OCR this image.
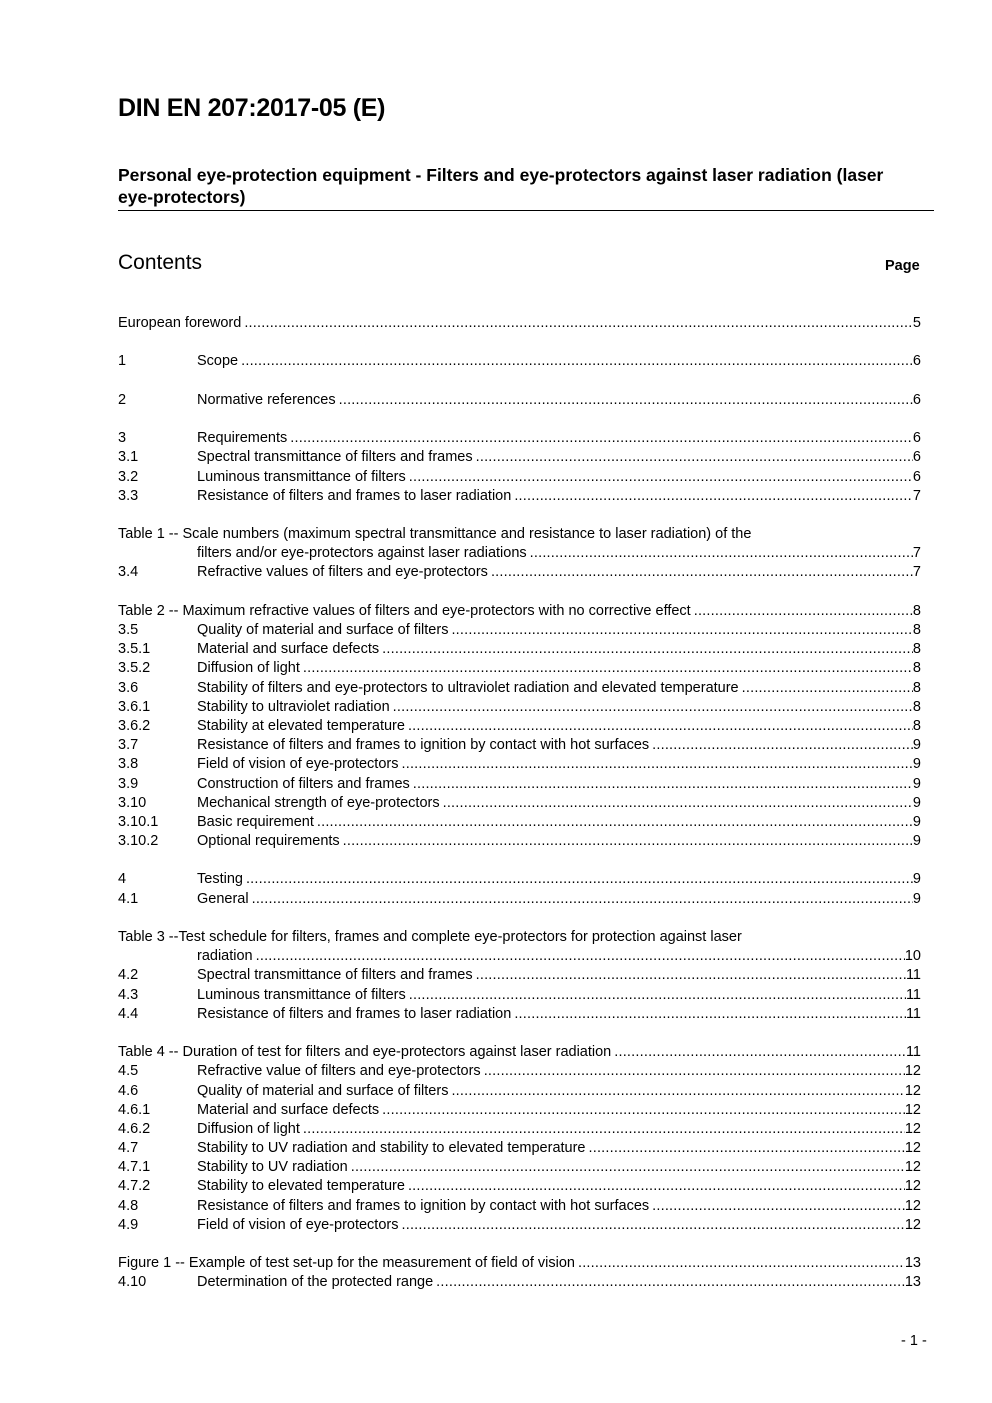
DIN EN 207:2017-05 (E)
Personal eye-protection equipment - Filters and eye-protectors against laser radiation (laser eye-protectors)
Contents	Page
European foreword .....	5
1	Scope .....	6
2	Normative references .....	6
3	Requirements .....	6
3.1	Spectral transmittance of filters and frames .....	6
3.2	Luminous transmittance of filters .....	6
3.3	Resistance of filters and frames to laser radiation .....	7
Table 1 -- Scale numbers (maximum spectral transmittance and resistance to laser radiation) of the
filters and/or eye-protectors against laser radiations .....	7
3.4	Refractive values of filters and eye-protectors .....	7
Table 2 -- Maximum refractive values of filters and eye-protectors with no corrective effect .....	8
3.5	Quality of material and surface of filters .....	8
3.5.1	Material and surface defects .....	8
3.5.2	Diffusion of light .....	8
3.6	Stability of filters and eye-protectors to ultraviolet radiation and elevated temperature .....	8
3.6.1	Stability to ultraviolet radiation .....	8
3.6.2	Stability at elevated temperature .....	8
3.7	Resistance of filters and frames to ignition by contact with hot surfaces .....	9
3.8	Field of vision of eye-protectors .....	9
3.9	Construction of filters and frames .....	9
3.10	Mechanical strength of eye-protectors .....	9
3.10.1	Basic requirement .....	9
3.10.2	Optional requirements .....	9
4	Testing .....	9
4.1	General .....	9
Table 3 --Test schedule for filters, frames and complete eye-protectors for protection against laser
radiation .....	10
4.2	Spectral transmittance of filters and frames .....	11
4.3	Luminous transmittance of filters .....	11
4.4	Resistance of filters and frames to laser radiation .....	11
Table 4 -- Duration of test for filters and eye-protectors against laser radiation .....	11
4.5	Refractive value of filters and eye-protectors .....	12
4.6	Quality of material and surface of filters .....	12
4.6.1	Material and surface defects .....	12
4.6.2	Diffusion of light .....	12
4.7	Stability to UV radiation and stability to elevated temperature .....	12
4.7.1	Stability to UV radiation .....	12
4.7.2	Stability to elevated temperature .....	12
4.8	Resistance of filters and frames to ignition by contact with hot surfaces .....	12
4.9	Field of vision of eye-protectors .....	12
Figure 1 -- Example of test set-up for the measurement of field of vision .....	13
4.10	Determination of the protected range .....	13
- 1 -
